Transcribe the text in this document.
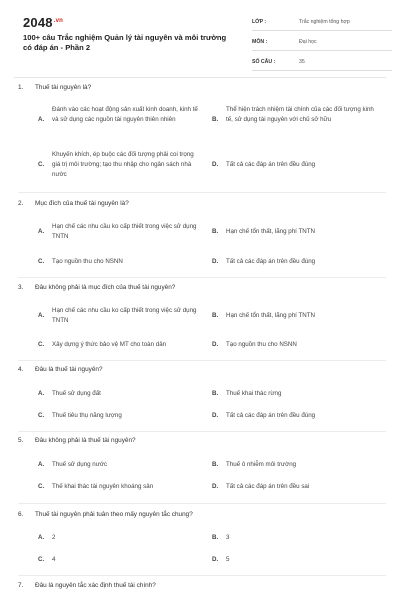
$2048^{.vn}$
100+ câu Trắc nghiệm Quản lý tài nguyên và môi trường có đáp án - Phần 2
LỚP :	Trắc nghiệm tổng hợp
MÔN :	Đại học
SỐ CÂU :	35
1. Thuế tài nguyên là?
A.
Đánh vào các hoạt động sản xuất kinh doanh, kinh tế và sử dụng các nguồn tài nguyên thiên nhiên	B.
Thể hiện trách nhiệm tài chính của các đối tượng kinh tế, sử dụng tài nguyên với chủ sở hữu
C.
Khuyến khích, ép buộc các đối tượng phải coi trọng giá trị môi trường; tạo thu nhập cho ngân sách nhà nước
D. Tất cả các đáp án trên đều đúng
2. Mục đích của thuế tài nguyên là?
A.
Hạn chế các nhu cầu ko cấp thiết trong việc sử dụng TNTN
B. Hạn chế tổn thất, lãng phí TNTN
C. Tạo nguồn thu cho NSNN	D. Tất cả các đáp án trên đều đúng
3. Đâu không phải là mục đích của thuế tài nguyên?
A.
Hạn chế các nhu cầu ko cấp thiết trong việc sử dụng TNTN
B. Hạn chế tổn thất, lãng phí TNTN
C. Xây dựng ý thức bảo vệ MT cho toàn dân	D. Tạo nguồn thu cho NSNN
4. Đâu là thuế tài nguyên?
A. Thuế sử dụng đất	B. Thuế khai thác rừng
C. Thuế tiêu thụ năng lượng	D. Tất cả các đáp án trên đều đúng
5. Đâu không phải là thuế tài nguyên?
A. Thuế sử dụng nước	B. Thuế ô nhiễm môi trường
C. Thế khai thác tài nguyên khoáng sản	D. Tất cả các đáp án trên đều sai
6. Thuế tài nguyên phải tuân theo mấy nguyên tắc chung?
A. 2	B. 3
C. 4	D. 5
7. Đâu là nguyên tắc xác định thuế tài chính?
